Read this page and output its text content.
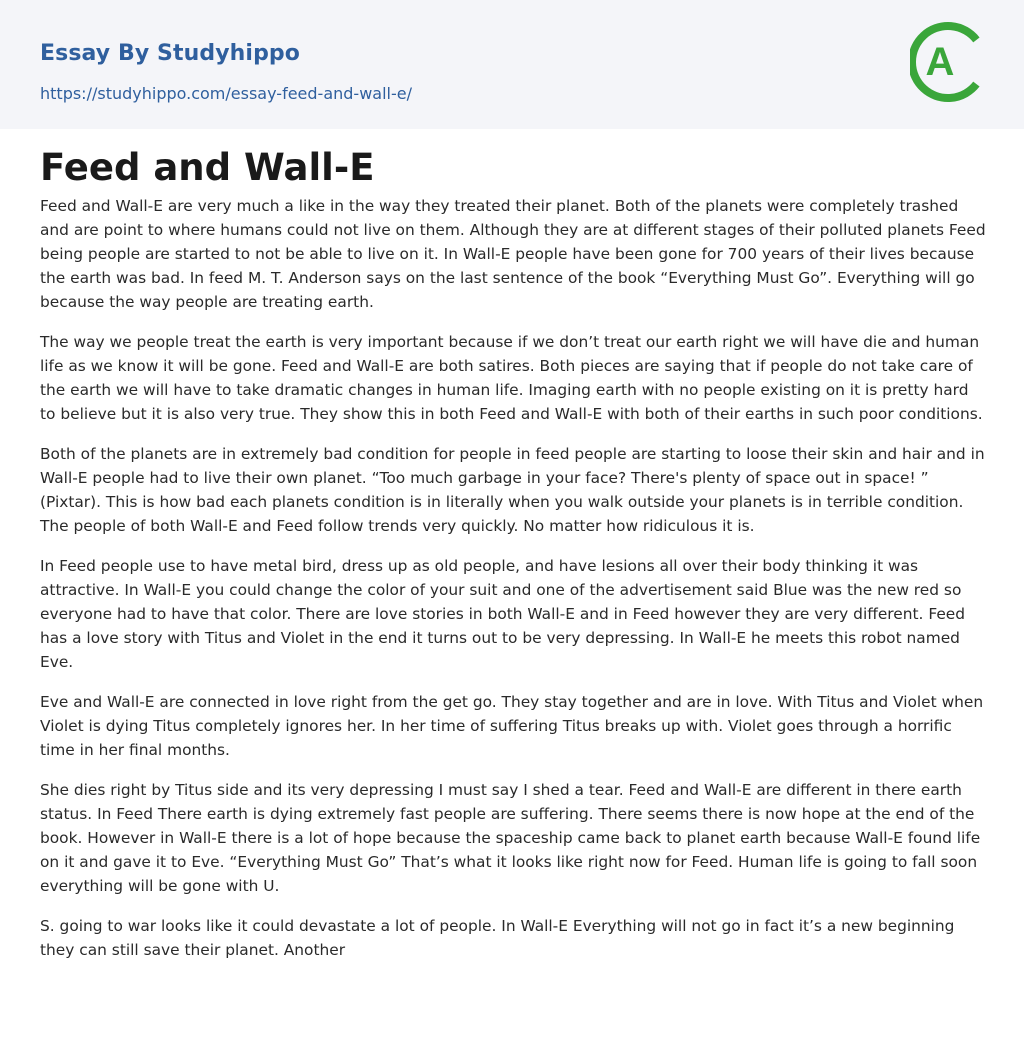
Essay By Studyhippo
https://studyhippo.com/essay-feed-and-wall-e/
A
Feed and Wall-E

Feed and Wall-E are very much a like in the way they treated their planet. Both of the planets were completely trashed and are point to where humans could not live on them. Although they are at different stages of their polluted planets Feed being people are started to not be able to live on it. In Wall-E people have been gone for 700 years of their lives because the earth was bad. In feed M. T. Anderson says on the last sentence of the book “Everything Must Go”. Everything will go because the way people are treating earth.

The way we people treat the earth is very important because if we don’t treat our earth right we will have die and human life as we know it will be gone. Feed and Wall-E are both satires. Both pieces are saying that if people do not take care of the earth we will have to take dramatic changes in human life. Imaging earth with no people existing on it is pretty hard to believe but it is also very true. They show this in both Feed and Wall-E with both of their earths in such poor conditions.

Both of the planets are in extremely bad condition for people in feed people are starting to loose their skin and hair and in Wall-E people had to live their own planet. “Too much garbage in your face? There's plenty of space out in space! ” (Pixtar). This is how bad each planets condition is in literally when you walk outside your planets is in terrible condition. The people of both Wall-E and Feed follow trends very quickly. No matter how ridiculous it is.

In Feed people use to have metal bird, dress up as old people, and have lesions all over their body thinking it was attractive. In Wall-E you could change the color of your suit and one of the advertisement said Blue was the new red so everyone had to have that color. There are love stories in both Wall-E and in Feed however they are very different. Feed has a love story with Titus and Violet in the end it turns out to be very depressing. In Wall-E he meets this robot named Eve.

Eve and Wall-E are connected in love right from the get go. They stay together and are in love. With Titus and Violet when Violet is dying Titus completely ignores her. In her time of suffering Titus breaks up with. Violet goes through a horrific time in her final months.

She dies right by Titus side and its very depressing I must say I shed a tear. Feed and Wall-E are different in there earth status. In Feed There earth is dying extremely fast people are suffering. There seems there is now hope at the end of the book. However in Wall-E there is a lot of hope because the spaceship came back to planet earth because Wall-E found life on it and gave it to Eve. “Everything Must Go” That’s what it looks like right now for Feed. Human life is going to fall soon everything will be gone with U.

S. going to war looks like it could devastate a lot of people. In Wall-E Everything will not go in fact it’s a new beginning they can still save their planet. Another
